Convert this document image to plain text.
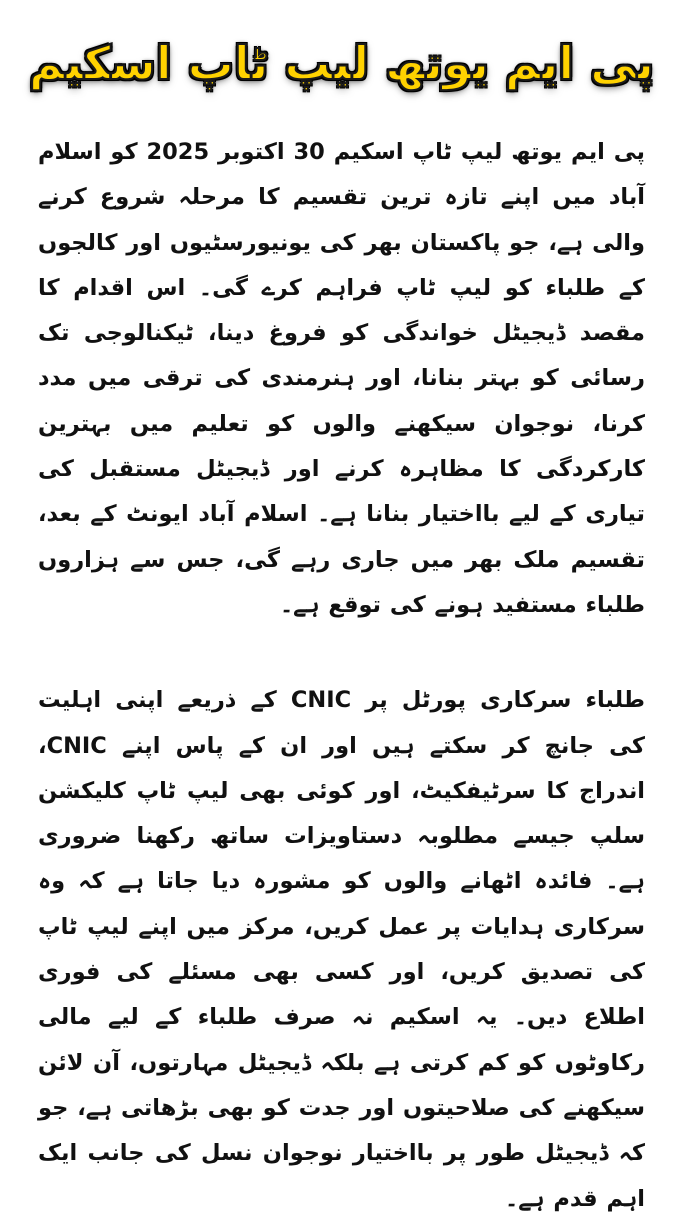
پی ایم یوتھ لیپ ٹاپ اسکیم

پی ایم یوتھ لیپ ٹاپ اسکیم 30 اکتوبر 2025 کو اسلام آباد میں اپنے تازہ ترین تقسیم کا مرحلہ شروع کرنے والی ہے، جو پاکستان بھر کی یونیورسٹیوں اور کالجوں کے طلباء کو لیپ ٹاپ فراہم کرے گی۔ اس اقدام کا مقصد ڈیجیٹل خواندگی کو فروغ دینا، ٹیکنالوجی تک رسائی کو بہتر بنانا، اور ہنرمندی کی ترقی میں مدد کرنا، نوجوان سیکھنے والوں کو تعلیم میں بہترین کارکردگی کا مظاہرہ کرنے اور ڈیجیٹل مستقبل کی تیاری کے لیے بااختیار بنانا ہے۔ اسلام آباد ایونٹ کے بعد، تقسیم ملک بھر میں جاری رہے گی، جس سے ہزاروں طلباء مستفید ہونے کی توقع ہے۔

طلباء سرکاری پورٹل پر CNIC کے ذریعے اپنی اہلیت کی جانچ کر سکتے ہیں اور ان کے پاس اپنے CNIC، اندراج کا سرٹیفکیٹ، اور کوئی بھی لیپ ٹاپ کلیکشن سلپ جیسے مطلوبہ دستاویزات ساتھ رکھنا ضروری ہے۔ فائدہ اٹھانے والوں کو مشورہ دیا جاتا ہے کہ وہ سرکاری ہدایات پر عمل کریں، مرکز میں اپنے لیپ ٹاپ کی تصدیق کریں، اور کسی بھی مسئلے کی فوری اطلاع دیں۔ یہ اسکیم نہ صرف طلباء کے لیے مالی رکاوٹوں کو کم کرتی ہے بلکہ ڈیجیٹل مہارتوں، آن لائن سیکھنے کی صلاحیتوں اور جدت کو بھی بڑھاتی ہے، جو کہ ڈیجیٹل طور پر بااختیار نوجوان نسل کی جانب ایک اہم قدم ہے۔
